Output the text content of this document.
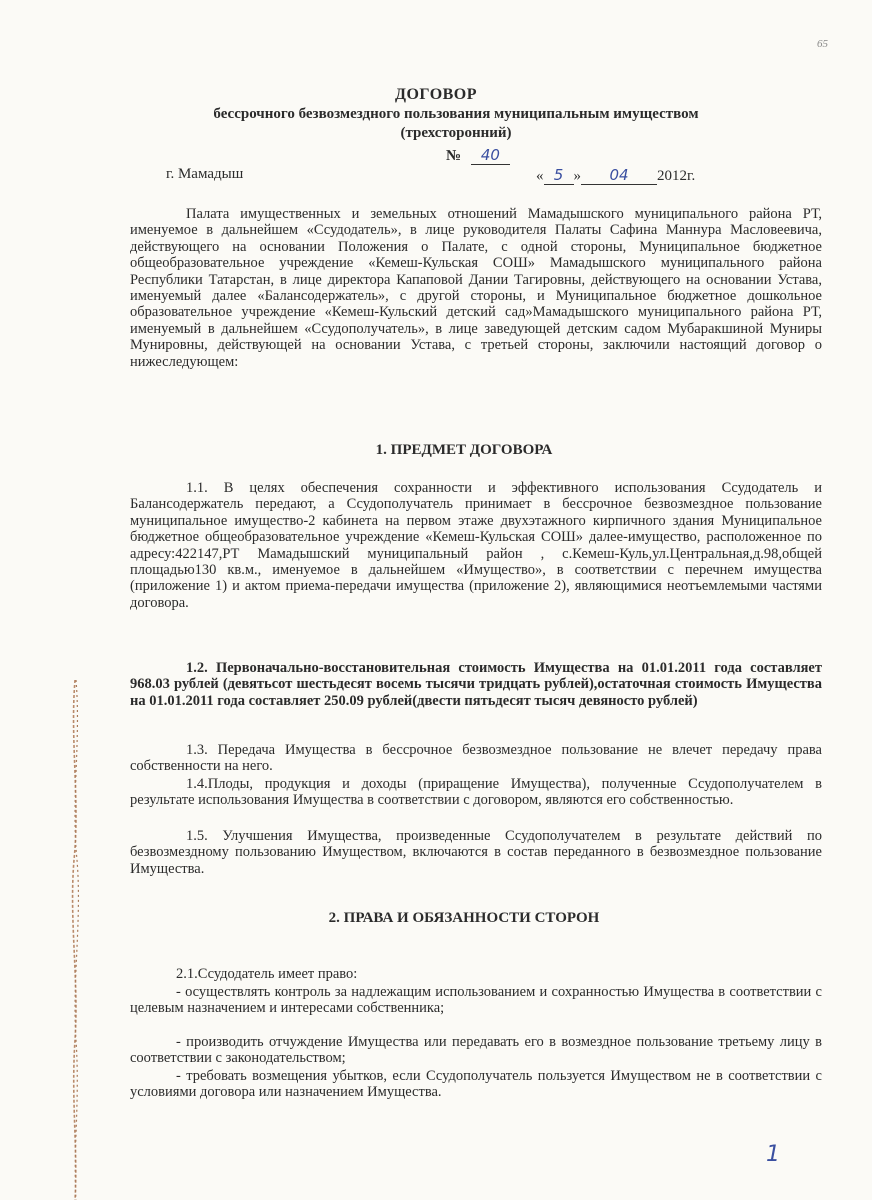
65
ДОГОВОР
бессрочного безвозмездного пользования муниципальным имуществом
(трехсторонний)
№ 40
г. Мамадыш	« 5 » 04 2012г.
Палата имущественных и земельных отношений Мамадышского муниципального района РТ, именуемое в дальнейшем «Ссудодатель», в лице руководителя Палаты Сафина Маннура Масловеевича, действующего на основании Положения о Палате, с одной стороны, Муниципальное бюджетное общеобразовательное учреждение «Кемеш-Кульская СОШ» Мамадышского муниципального района Республики Татарстан, в лице директора Капаповой Дании Тагировны, действующего на основании Устава, именуемый далее «Балансодержатель», с другой стороны, и Муниципальное бюджетное дошкольное образовательное учреждение «Кемеш-Кульский детский сад»Мамадышского муниципального района РТ, именуемый в дальнейшем «Ссудополучатель», в лице заведующей детским садом Мубаракшиной Муниры Мунировны, действующей на основании Устава, с третьей стороны, заключили настоящий договор о нижеследующем:
1. ПРЕДМЕТ ДОГОВОРА
1.1. В целях обеспечения сохранности и эффективного использования Ссудодатель и Балансодержатель передают, а Ссудополучатель принимает в бессрочное безвозмездное пользование муниципальное имущество-2 кабинета на первом этаже двухэтажного кирпичного здания Муниципальное бюджетное общеобразовательное учреждение «Кемеш-Кульская СОШ» далее-имущество, расположенное по адресу:422147,РТ Мамадышский муниципальный район , с.Кемеш-Куль,ул.Центральная,д.98,общей площадью130 кв.м., именуемое в дальнейшем «Имущество», в соответствии с перечнем имущества (приложение 1) и актом приема-передачи имущества (приложение 2), являющимися неотъемлемыми частями договора.
1.2. Первоначально-восстановительная стоимость Имущества на 01.01.2011 года составляет 968.03 рублей (девятьсот шестьдесят восемь тысячи тридцать рублей),остаточная стоимость Имущества на 01.01.2011 года составляет 250.09 рублей(двести пятьдесят тысяч девяносто рублей)
1.3. Передача Имущества в бессрочное безвозмездное пользование не влечет передачу права собственности на него.
1.4.Плоды, продукция и доходы (приращение Имущества), полученные Ссудополучателем в результате использования Имущества в соответствии с договором, являются его собственностью.
1.5. Улучшения Имущества, произведенные Ссудополучателем в результате действий по безвозмездному пользованию Имуществом, включаются в состав переданного в безвозмездное пользование Имущества.
2. ПРАВА И ОБЯЗАННОСТИ СТОРОН
2.1.Ссудодатель имеет право:
- осуществлять контроль за надлежащим использованием и сохранностью Имущества в соответствии с целевым назначением и интересами собственника;
- производить отчуждение Имущества или передавать его в возмездное пользование третьему лицу в соответствии с законодательством;
- требовать возмещения убытков, если Ссудополучатель пользуется Имуществом не в соответствии с условиями договора или назначением Имущества.
1
